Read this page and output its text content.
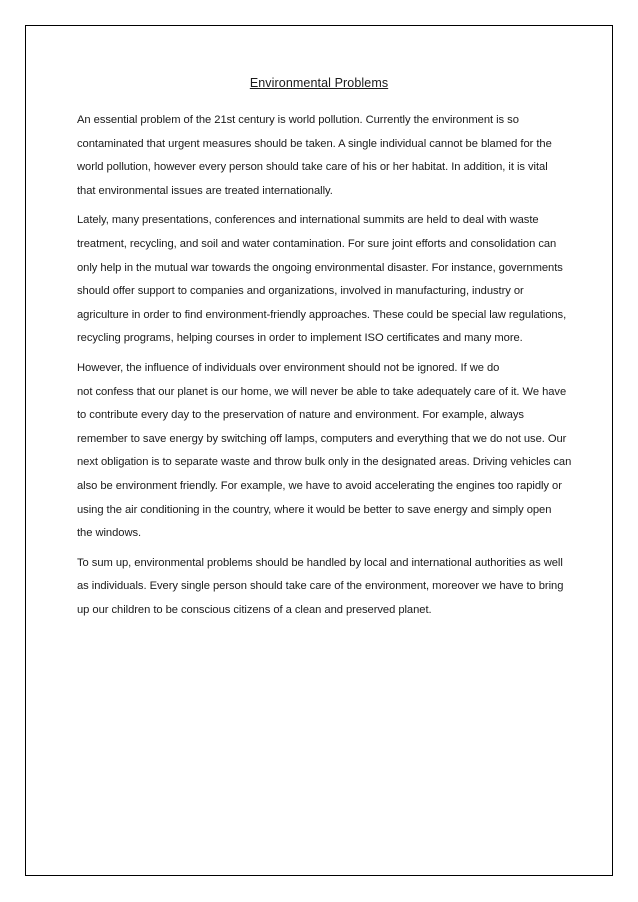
Environmental Problems

An essential problem of the 21st century is world pollution. Currently the environment is so
contaminated that urgent measures should be taken. A single individual cannot be blamed for the
world pollution, however every person should take care of his or her habitat. In addition, it is vital
that environmental issues are treated internationally.

Lately, many presentations, conferences and international summits are held to deal with waste
treatment, recycling, and soil and water contamination. For sure joint efforts and consolidation can
only help in the mutual war towards the ongoing environmental disaster. For instance, governments
should offer support to companies and organizations, involved in manufacturing, industry or
agriculture in order to find environment-friendly approaches. These could be special law regulations,
recycling programs, helping courses in order to implement ISO certificates and many more.

However, the influence of individuals over environment should not be ignored. If we do
not confess that our planet is our home, we will never be able to take adequately care of it. We have
to contribute every day to the preservation of nature and environment. For example, always
remember to save energy by switching off lamps, computers and everything that we do not use. Our
next obligation is to separate waste and throw bulk only in the designated areas. Driving vehicles can
also be environment friendly. For example, we have to avoid accelerating the engines too rapidly or
using the air conditioning in the country, where it would be better to save energy and simply open
the windows.

To sum up, environmental problems should be handled by local and international authorities as well
as individuals. Every single person should take care of the environment, moreover we have to bring
up our children to be conscious citizens of a clean and preserved planet.
